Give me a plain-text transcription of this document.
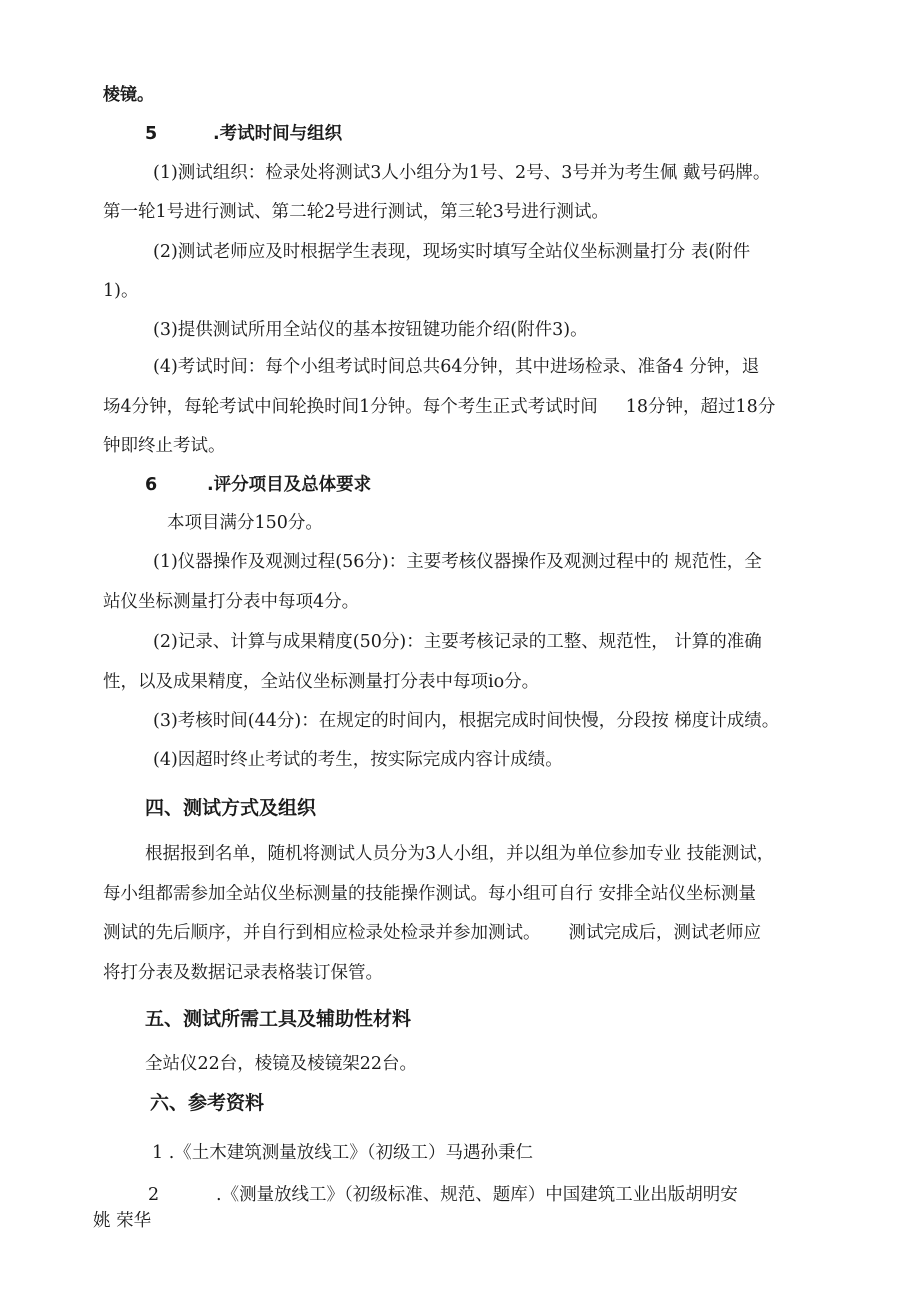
棱镜。
5	.考试时间与组织
(1)测试组织：检录处将测试3人小组分为1号、2号、3号并为考生佩 戴号码牌。
第一轮1号进行测试、第二轮2号进行测试，第三轮3号进行测试。
(2)测试老师应及时根据学生表现，现场实时填写全站仪坐标测量打分 表(附件
1)。
(3)提供测试所用全站仪的基本按钮键功能介绍(附件3)。
(4)考试时间：每个小组考试时间总共64分钟，其中进场检录、准备4 分钟，退
场4分钟，每轮考试中间轮换时间1分钟。每个考生正式考试时间 18分钟，超过18分
钟即终止考试。
6	.评分项目及总体要求
本项目满分150分。
(1)仪器操作及观测过程(56分)：主要考核仪器操作及观测过程中的 规范性，全
站仪坐标测量打分表中每项4分。
(2)记录、计算与成果精度(50分)：主要考核记录的工整、规范性， 计算的准确
性，以及成果精度，全站仪坐标测量打分表中每项io分。
(3)考核时间(44分)：在规定的时间内，根据完成时间快慢，分段按 梯度计成绩。
(4)因超时终止考试的考生，按实际完成内容计成绩。
四、测试方式及组织
根据报到名单，随机将测试人员分为3人小组，并以组为单位参加专业 技能测试，
每小组都需参加全站仪坐标测量的技能操作测试。每小组可自行 安排全站仪坐标测量
测试的先后顺序，并自行到相应检录处检录并参加测试。 测试完成后，测试老师应
将打分表及数据记录表格装订保管。
五、测试所需工具及辅助性材料
全站仪22台，棱镜及棱镜架22台。
六、参考资料
1 .《土木建筑测量放线工》（初级工）马遇孙秉仁
2	.《测量放线工》（初级标准、规范、题库）中国建筑工业出版胡明安
姚 荣华
